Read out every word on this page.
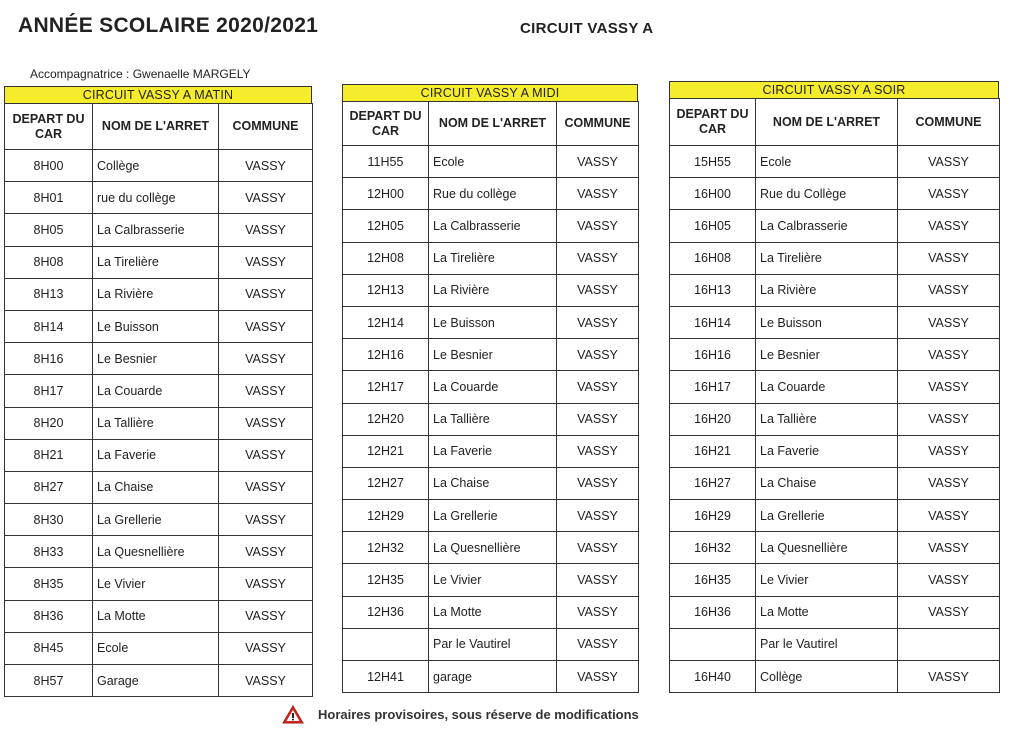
ANNÉE SCOLAIRE 2020/2021	CIRCUIT VASSY A
Accompagnatrice : Gwenaelle MARGELY
CIRCUIT VASSY A MATIN
DEPART DU CAR	NOM DE L'ARRET	COMMUNE
8H00	Collège	VASSY
8H01	rue du collège	VASSY
8H05	La Calbrasserie	VASSY
8H08	La Tirelière	VASSY
8H13	La Rivière	VASSY
8H14	Le Buisson	VASSY
8H16	Le Besnier	VASSY
8H17	La Couarde	VASSY
8H20	La Tallière	VASSY
8H21	La Faverie	VASSY
8H27	La Chaise	VASSY
8H30	La Grellerie	VASSY
8H33	La Quesnellière	VASSY
8H35	Le Vivier	VASSY
8H36	La Motte	VASSY
8H45	Ecole	VASSY
8H57	Garage	VASSY
CIRCUIT VASSY A MIDI
DEPART DU CAR	NOM DE L'ARRET	COMMUNE
11H55	Ecole	VASSY
12H00	Rue du collège	VASSY
12H05	La Calbrasserie	VASSY
12H08	La Tirelière	VASSY
12H13	La Rivière	VASSY
12H14	Le Buisson	VASSY
12H16	Le Besnier	VASSY
12H17	La Couarde	VASSY
12H20	La Tallière	VASSY
12H21	La Faverie	VASSY
12H27	La Chaise	VASSY
12H29	La Grellerie	VASSY
12H32	La Quesnellière	VASSY
12H35	Le Vivier	VASSY
12H36	La Motte	VASSY
	Par le Vautirel	VASSY
12H41	garage	VASSY
CIRCUIT VASSY A SOIR
DEPART DU CAR	NOM DE L'ARRET	COMMUNE
15H55	Ecole	VASSY
16H00	Rue du Collège	VASSY
16H05	La Calbrasserie	VASSY
16H08	La Tirelière	VASSY
16H13	La Rivière	VASSY
16H14	Le Buisson	VASSY
16H16	Le Besnier	VASSY
16H17	La Couarde	VASSY
16H20	La Tallière	VASSY
16H21	La Faverie	VASSY
16H27	La Chaise	VASSY
16H29	La Grellerie	VASSY
16H32	La Quesnellière	VASSY
16H35	Le Vivier	VASSY
16H36	La Motte	VASSY
	Par le Vautirel	
16H40	Collège	VASSY
Horaires provisoires, sous réserve de modifications
